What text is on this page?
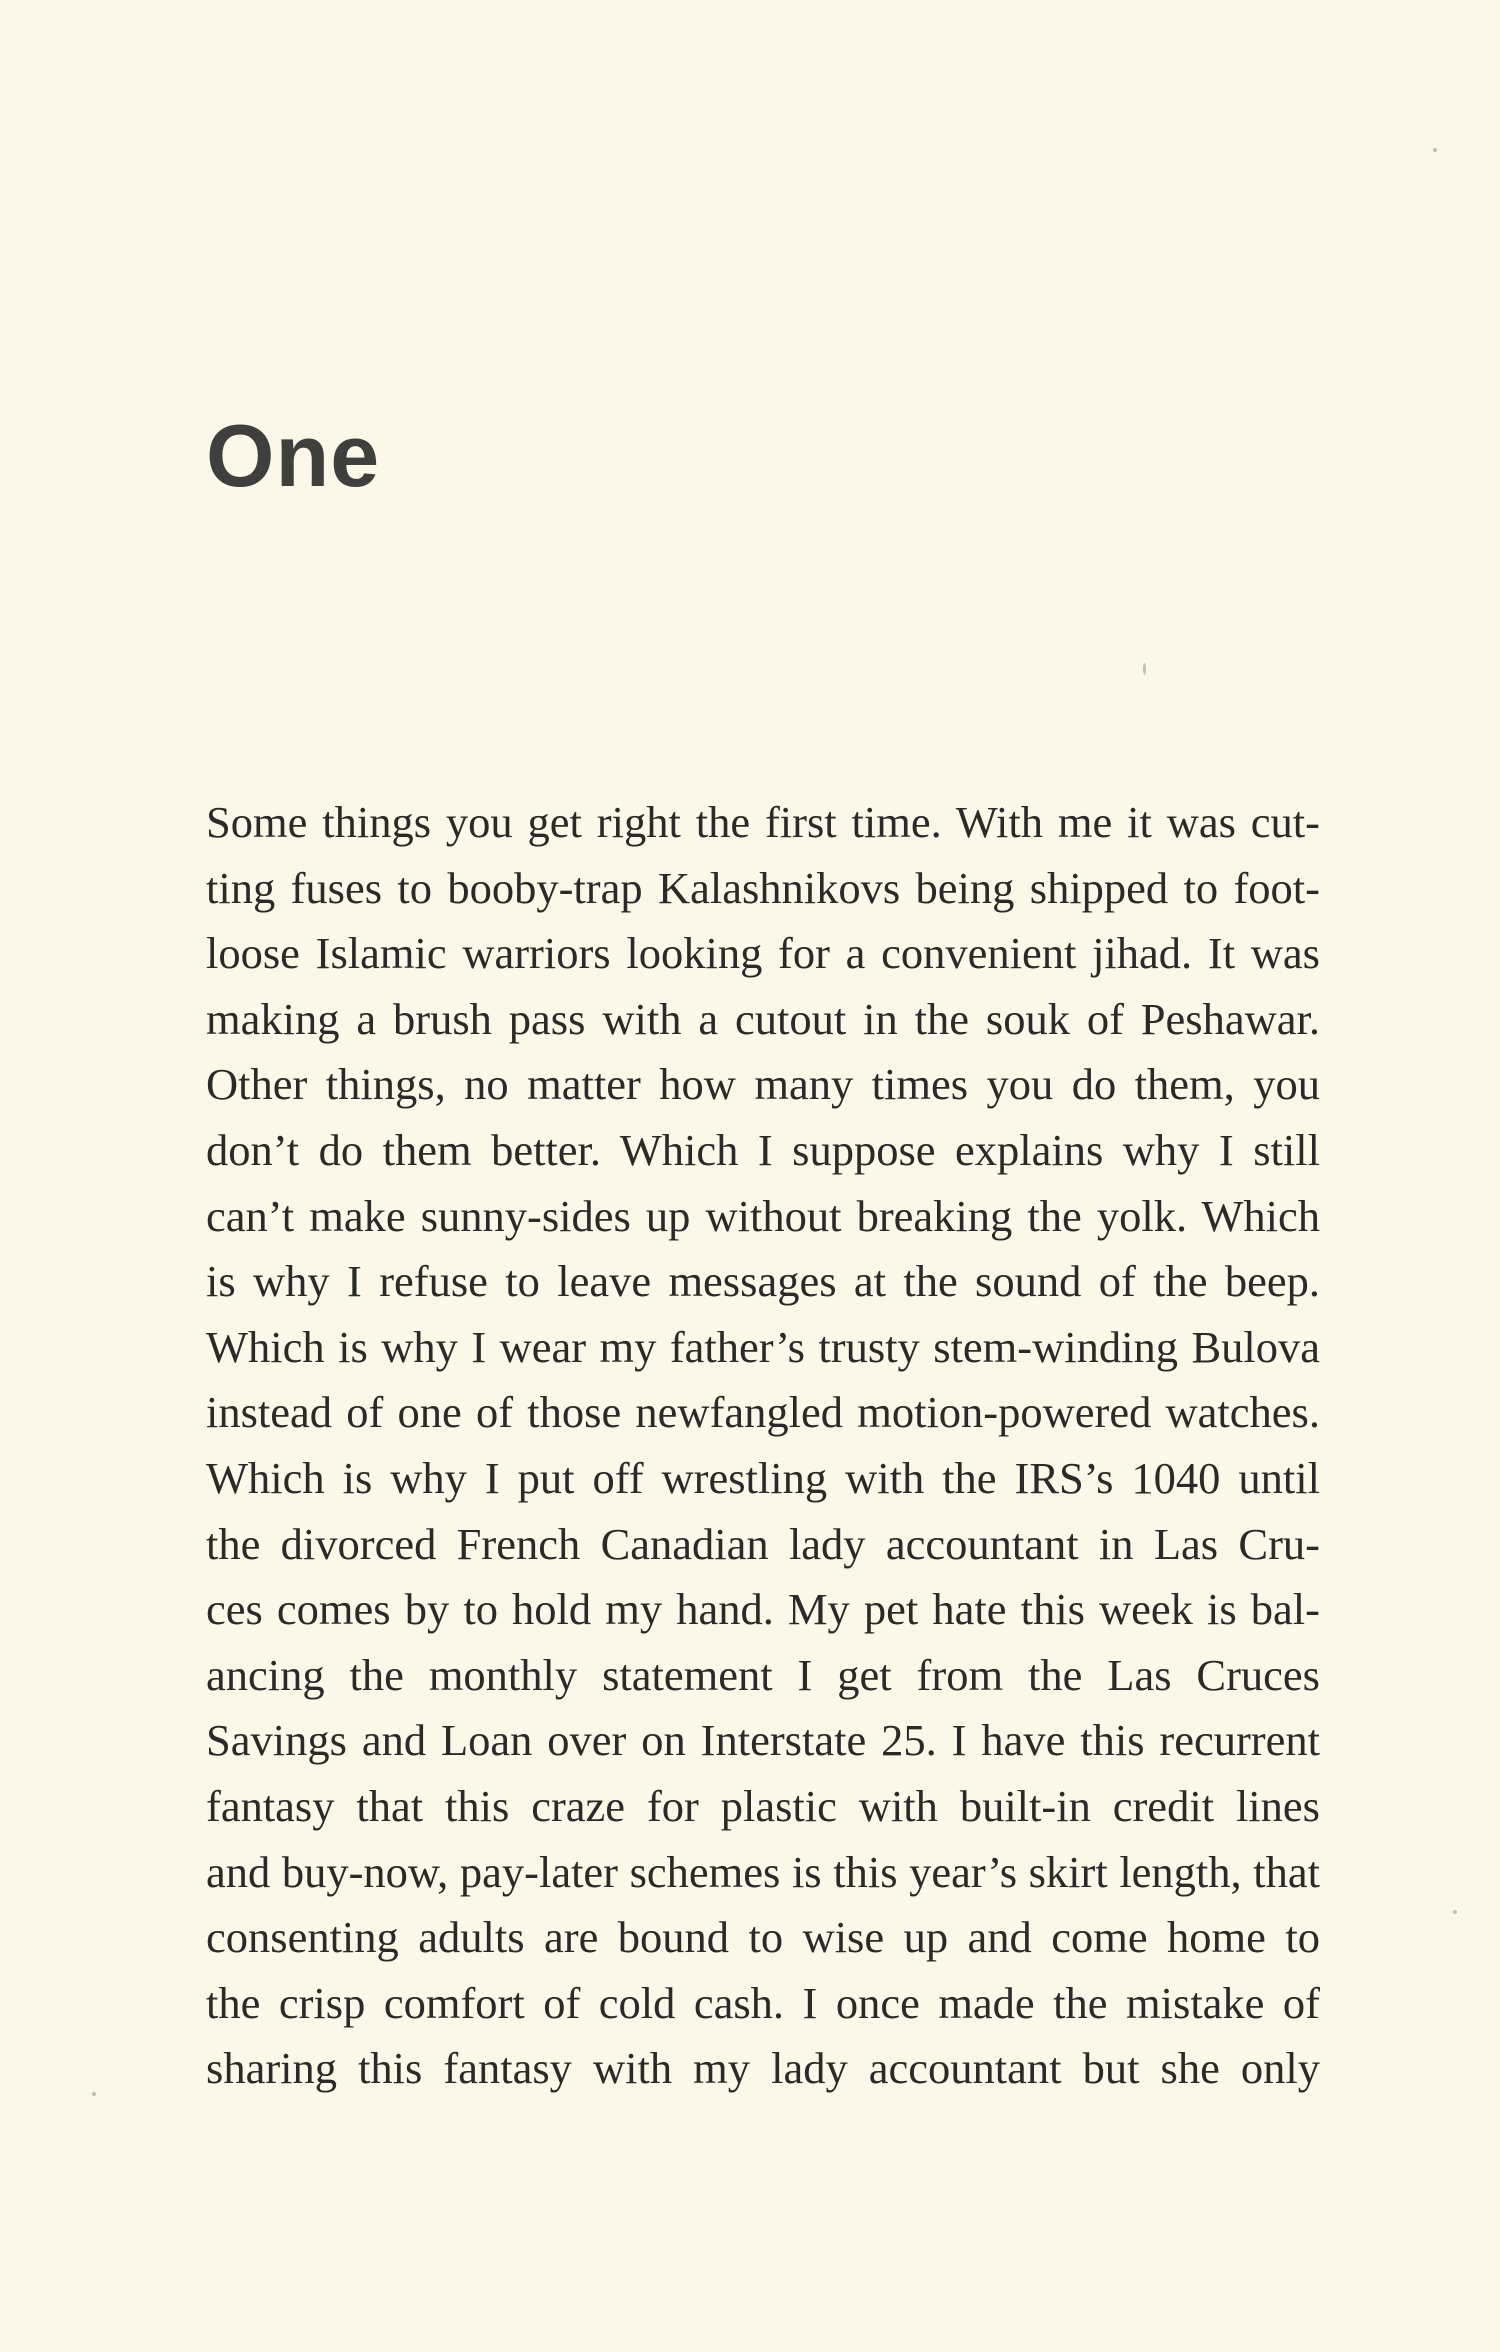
One
Some things you get right the first time. With me it was cut-
ting fuses to booby-trap Kalashnikovs being shipped to foot-
loose Islamic warriors looking for a convenient jihad. It was
making a brush pass with a cutout in the souk of Peshawar.
Other things, no matter how many times you do them, you
don’t do them better. Which I suppose explains why I still
can’t make sunny-sides up without breaking the yolk. Which
is why I refuse to leave messages at the sound of the beep.
Which is why I wear my father’s trusty stem-winding Bulova
instead of one of those newfangled motion-powered watches.
Which is why I put off wrestling with the IRS’s 1040 until
the divorced French Canadian lady accountant in Las Cru-
ces comes by to hold my hand. My pet hate this week is bal-
ancing the monthly statement I get from the Las Cruces
Savings and Loan over on Interstate 25. I have this recurrent
fantasy that this craze for plastic with built-in credit lines
and buy-now, pay-later schemes is this year’s skirt length, that
consenting adults are bound to wise up and come home to
the crisp comfort of cold cash. I once made the mistake of
sharing this fantasy with my lady accountant but she only
